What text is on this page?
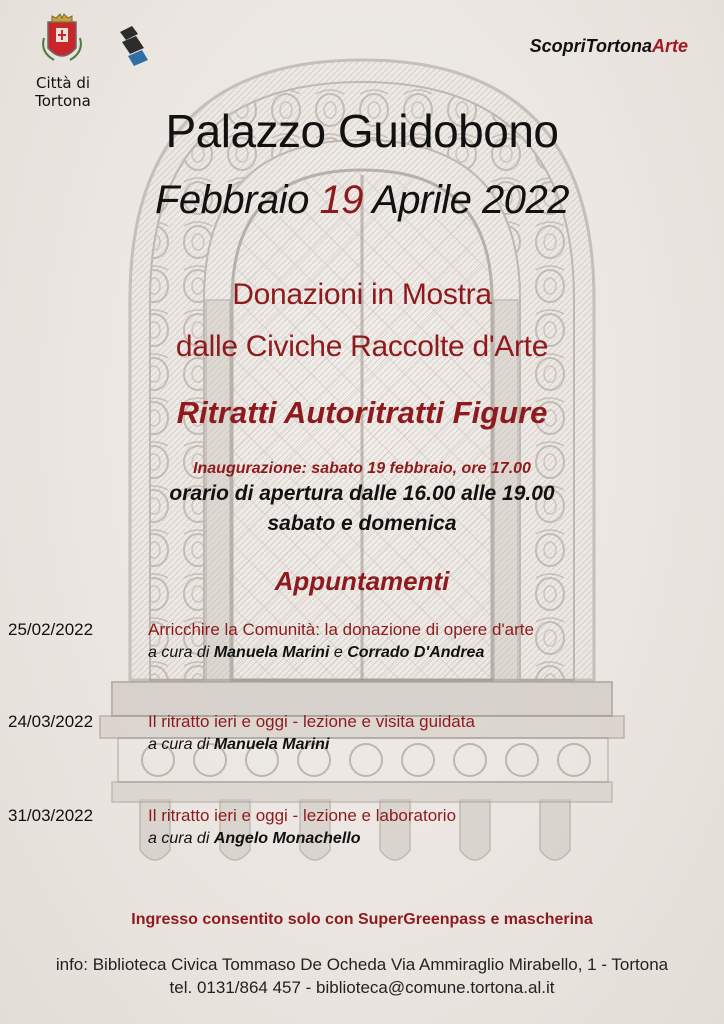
Città di Tortona
ScopriTortonaArte
Palazzo Guidobono
Febbraio 19 Aprile 2022
Donazioni in Mostra
dalle Civiche Raccolte d'Arte
Ritratti Autoritratti Figure
Inaugurazione: sabato 19 febbraio, ore 17.00
orario di apertura dalle 16.00 alle 19.00
sabato e domenica
Appuntamenti
25/02/2022	Arricchire la Comunità: la donazione di opere d'arte
a cura di Manuela Marini e Corrado D'Andrea
24/03/2022	Il ritratto ieri e oggi - lezione e visita guidata
a cura di Manuela Marini
31/03/2022	Il ritratto ieri e oggi - lezione e laboratorio
a cura di Angelo Monachello
Ingresso consentito solo con SuperGreenpass e mascherina
info: Biblioteca Civica Tommaso De Ocheda Via Ammiraglio Mirabello, 1 - Tortona
tel. 0131/864 457 - biblioteca@comune.tortona.al.it
